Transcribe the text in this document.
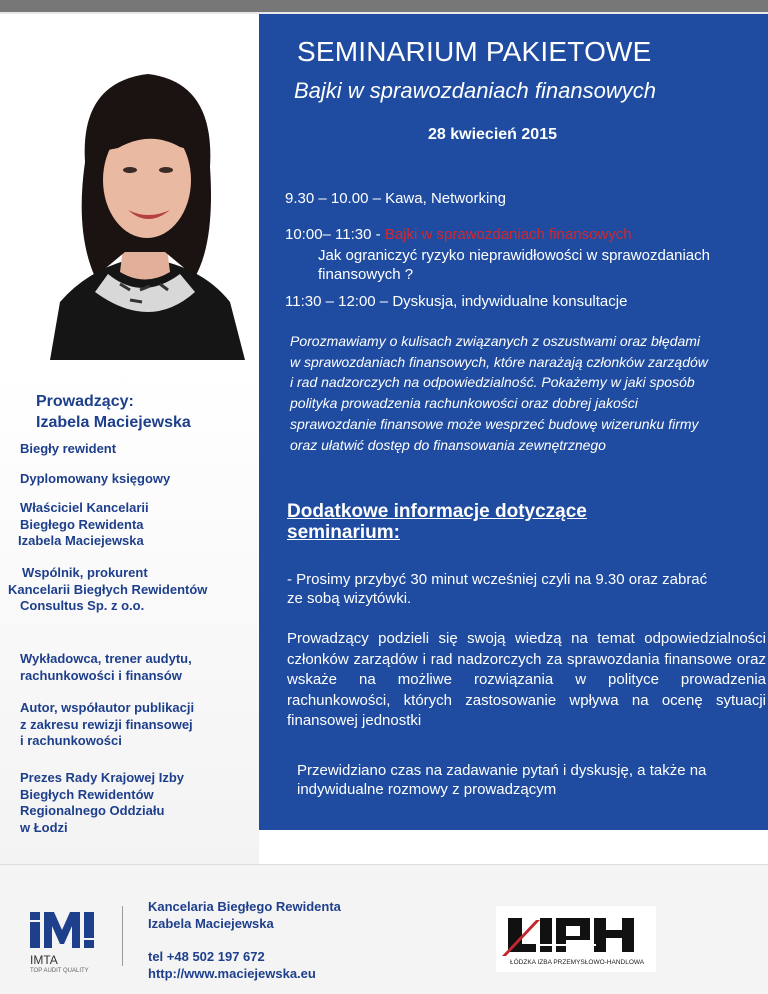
SEMINARIUM PAKIETOWE
Bajki w sprawozdaniach finansowych
28 kwiecień 2015
9.30 – 10.00 – Kawa, Networking
10:00– 11:30 - Bajki w sprawozdaniach finansowych
Jak ograniczyć ryzyko nieprawidłowości w sprawozdaniach finansowych ?
11:30 – 12:00 – Dyskusja, indywidualne konsultacje
Porozmawiamy o kulisach związanych z oszustwami oraz błędami w sprawozdaniach finansowych, które narażają członków zarządów i rad nadzorczych na odpowiedzialność. Pokażemy w jaki sposób polityka prowadzenia rachunkowości oraz dobrej jakości sprawozdanie finansowe może wesprzeć budowę wizerunku firmy oraz ułatwić dostęp do finansowania zewnętrznego
Dodatkowe informacje dotyczące
seminarium:
- Prosimy przybyć 30 minut wcześniej czyli na 9.30 oraz zabrać ze sobą wizytówki.
Prowadzący podzieli się swoją wiedzą na temat odpowiedzialności członków zarządów i rad nadzorczych za sprawozdania finansowe oraz wskaże na możliwe rozwiązania w polityce prowadzenia rachunkowości, których zastosowanie wpływa na ocenę sytuacji finansowej jednostki
Przewidziano czas na zadawanie pytań i dyskusję, a także na indywidualne rozmowy z prowadzącym
Prowadzący:
Izabela Maciejewska
Biegły rewident
Dyplomowany księgowy
Właściciel Kancelarii
Biegłego Rewidenta
Izabela Maciejewska
Wspólnik, prokurent
Kancelarii Biegłych Rewidentów
Consultus Sp. z o.o.
Wykładowca, trener audytu,
rachunkowości i finansów
Autor, współautor publikacji
z zakresu rewizji finansowej
i rachunkowości
Prezes Rady Krajowej Izby
Biegłych Rewidentów
Regionalnego Oddziału
w Łodzi
IMTA
TOP AUDIT QUALITY
Kancelaria Biegłego Rewidenta
Izabela Maciejewska
tel +48 502 197 672
http://www.maciejewska.eu
ŁÓDZKA IZBA PRZEMYSŁOWO-HANDLOWA
